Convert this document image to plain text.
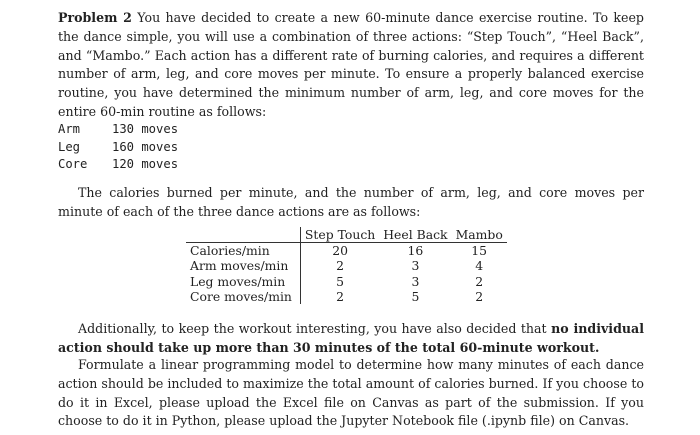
Problem 2 You have decided to create a new 60-minute dance exercise routine. To keep the dance simple, you will use a combination of three actions: “Step Touch”, “Heel Back”, and “Mambo.” Each action has a different rate of burning calories, and requires a different number of arm, leg, and core moves per minute. To ensure a properly balanced exercise routine, you have determined the minimum number of arm, leg, and core moves for the entire 60-min routine as follows:
Arm	130 moves
Leg	160 moves
Core	120 moves
The calories burned per minute, and the number of arm, leg, and core moves per minute of each of the three dance actions are as follows:
	Step Touch	Heel Back	Mambo
Calories/min	20	16	15
Arm moves/min	2	3	4
Leg moves/min	5	3	2
Core moves/min	2	5	2
Additionally, to keep the workout interesting, you have also decided that no individual action should take up more than 30 minutes of the total 60-minute workout.
Formulate a linear programming model to determine how many minutes of each dance action should be included to maximize the total amount of calories burned. If you choose to do it in Excel, please upload the Excel file on Canvas as part of the submission. If you choose to do it in Python, please upload the Jupyter Notebook file (.ipynb file) on Canvas.
